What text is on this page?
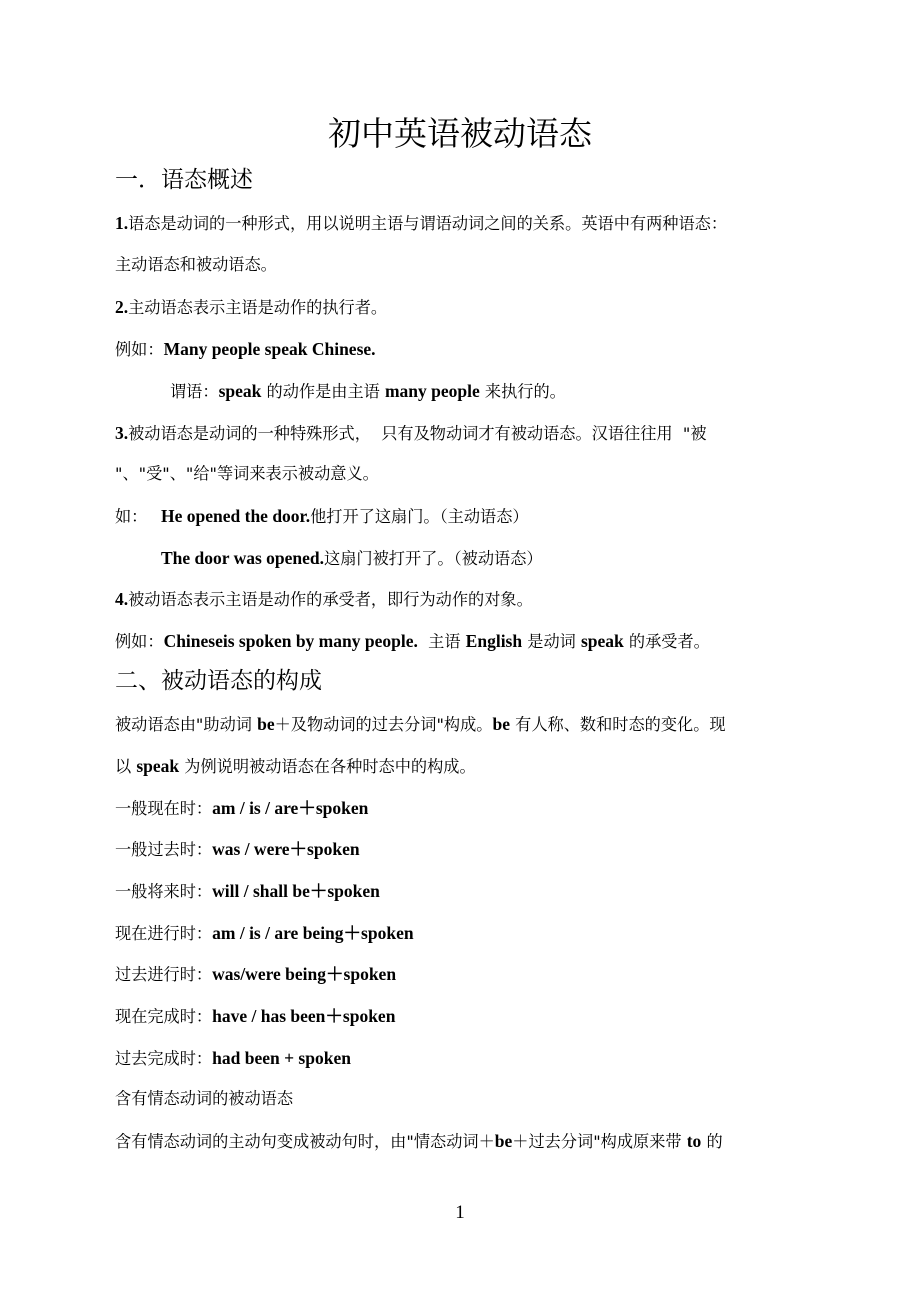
初中英语被动语态
一．语态概述
1.语态是动词的一种形式，用以说明主语与谓语动词之间的关系。英语中有两种语态：
主动语态和被动语态。
2.主动语态表示主语是动作的执行者。
例如：Many people speak Chinese.
谓语：speak 的动作是由主语 many people 来执行的。
3.被动语态是动词的一种特殊形式，  只有及物动词才有被动语态。汉语往往用  "被
"、"受"、"给"等词来表示被动意义。
如：He opened the door.他打开了这扇门。（主动语态）
The door was opened.这扇门被打开了。（被动语态）
4.被动语态表示主语是动作的承受者，即行为动作的对象。
例如：Chineseis spoken by many people.  主语 English 是动词 speak 的承受者。
二、被动语态的构成
被动语态由"助动词 be＋及物动词的过去分词"构成。be 有人称、数和时态的变化。现
以 speak 为例说明被动语态在各种时态中的构成。
一般现在时：am / is / are＋spoken
一般过去时：was / were＋spoken
一般将来时：will / shall be＋spoken
现在进行时：am / is / are being＋spoken
过去进行时：was/were being＋spoken
现在完成时：have / has been＋spoken
过去完成时：had been + spoken
含有情态动词的被动语态
含有情态动词的主动句变成被动句时，由"情态动词＋be＋过去分词"构成原来带 to 的
1
